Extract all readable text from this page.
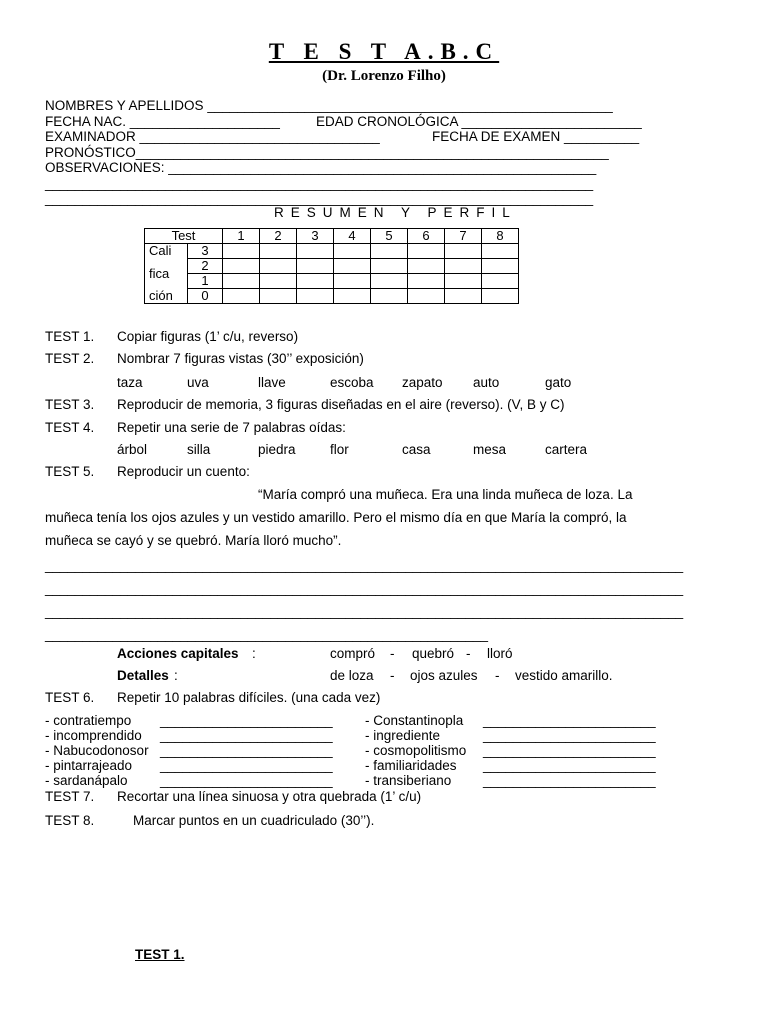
T E S T A.B.C
(Dr. Lorenzo Filho)
NOMBRES Y APELLIDOS ______________________________________________________
FECHA NAC. ____________________	EDAD CRONOLÓGICA ________________________
EXAMINADOR ________________________________	FECHA DE EXAMEN __________
PRONÓSTICO_______________________________________________________________
OBSERVACIONES: _________________________________________________________
_________________________________________________________________________
_________________________________________________________________________
RESUMEN Y PERFIL
Test		1	2	3	4	5	6	7	8
Cali	3								
fica	2								
	1								
ción	0								
TEST 1. Copiar figuras (1’ c/u, reverso)
TEST 2. Nombrar 7 figuras vistas (30’’ exposición)
taza	uva	llave	escoba zapato auto	gato
TEST 3. Reproducir de memoria, 3 figuras diseñadas en el aire (reverso). (V, B y C)
TEST 4. Repetir una serie de 7 palabras oídas:
árbol	silla	piedra	flor	casa	mesa	cartera
TEST 5. Reproducir un cuento:
“María compró una muñeca. Era una linda muñeca de loza. La
muñeca tenía los ojos azules y un vestido amarillo. Pero el mismo día en que María la compró, la
muñeca se cayó y se quebró. María lloró mucho”.
_____________________________________________________________________________________
_____________________________________________________________________________________
_____________________________________________________________________________________
___________________________________________________________
Acciones capitales :	compró - quebró - lloró
Detalles :	de loza - ojos azules - vestido amarillo.
TEST 6. Repetir 10 palabras difíciles. (una cada vez)
- contratiempo _______________________
- incomprendido _______________________
- Nabucodonosor _______________________
- pintarrajeado _______________________
- sardanápalo _______________________
- Constantinopla _______________________
- ingrediente	_______________________
- cosmopolitismo _______________________
- familiaridades _______________________
- transiberiano _______________________
TEST 7. Recortar una línea sinuosa y otra quebrada (1’ c/u)
TEST 8.	Marcar puntos en un cuadriculado (30’’).
TEST 1.
